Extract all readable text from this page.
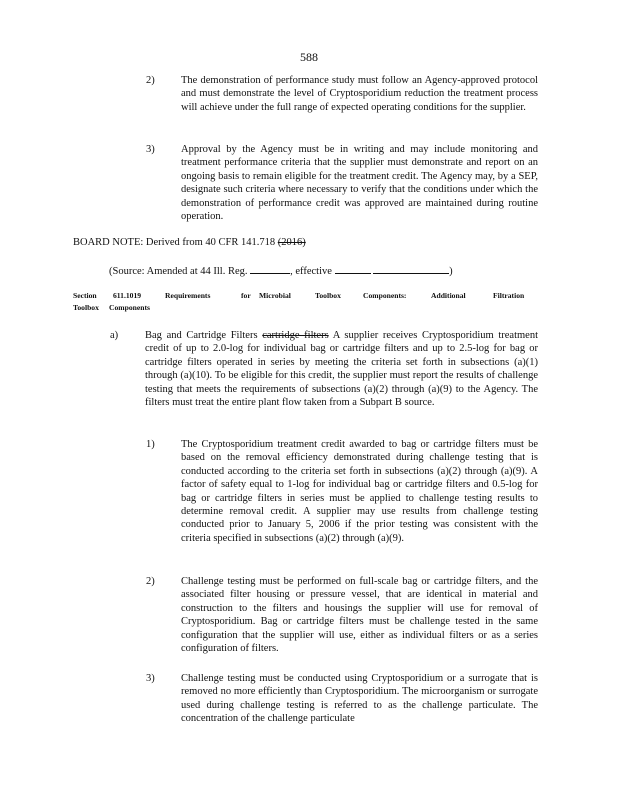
588
2)	The demonstration of performance study must follow an Agency-approved protocol and must demonstrate the level of Cryptosporidium reduction the treatment process will achieve under the full range of expected operating conditions for the supplier.
3)	Approval by the Agency must be in writing and may include monitoring and treatment performance criteria that the supplier must demonstrate and report on an ongoing basis to remain eligible for the treatment credit. The Agency may, by a SEP, designate such criteria where necessary to verify that the conditions under which the demonstration of performance credit was approved are maintained during routine operation.
BOARD NOTE: Derived from 40 CFR 141.718 (2016)
(Source: Amended at 44 Ill. Reg.	, effective	)
Section 611.1019	Requirements	for Microbial	Toolbox	Components:	Additional	Filtration
Toolbox Components
a)	Bag and Cartridge Filters cartridge filters A supplier receives Cryptosporidium treatment credit of up to 2.0-log for individual bag or cartridge filters and up to 2.5-log for bag or cartridge filters operated in series by meeting the criteria set forth in subsections (a)(1) through (a)(10). To be eligible for this credit, the supplier must report the results of challenge testing that meets the requirements of subsections (a)(2) through (a)(9) to the Agency. The filters must treat the entire plant flow taken from a Subpart B source.
1)	The Cryptosporidium treatment credit awarded to bag or cartridge filters must be based on the removal efficiency demonstrated during challenge testing that is conducted according to the criteria set forth in subsections (a)(2) through (a)(9). A factor of safety equal to 1-log for individual bag or cartridge filters and 0.5-log for bag or cartridge filters in series must be applied to challenge testing results to determine removal credit. A supplier may use results from challenge testing conducted prior to January 5, 2006 if the prior testing was consistent with the criteria specified in subsections (a)(2) through (a)(9).
2)	Challenge testing must be performed on full-scale bag or cartridge filters, and the associated filter housing or pressure vessel, that are identical in material and construction to the filters and housings the supplier will use for removal of Cryptosporidium. Bag or cartridge filters must be challenge tested in the same configuration that the supplier will use, either as individual filters or as a series configuration of filters.
3)	Challenge testing must be conducted using Cryptosporidium or a surrogate that is removed no more efficiently than Cryptosporidium. The microorganism or surrogate used during challenge testing is referred to as the challenge particulate. The concentration of the challenge particulate
